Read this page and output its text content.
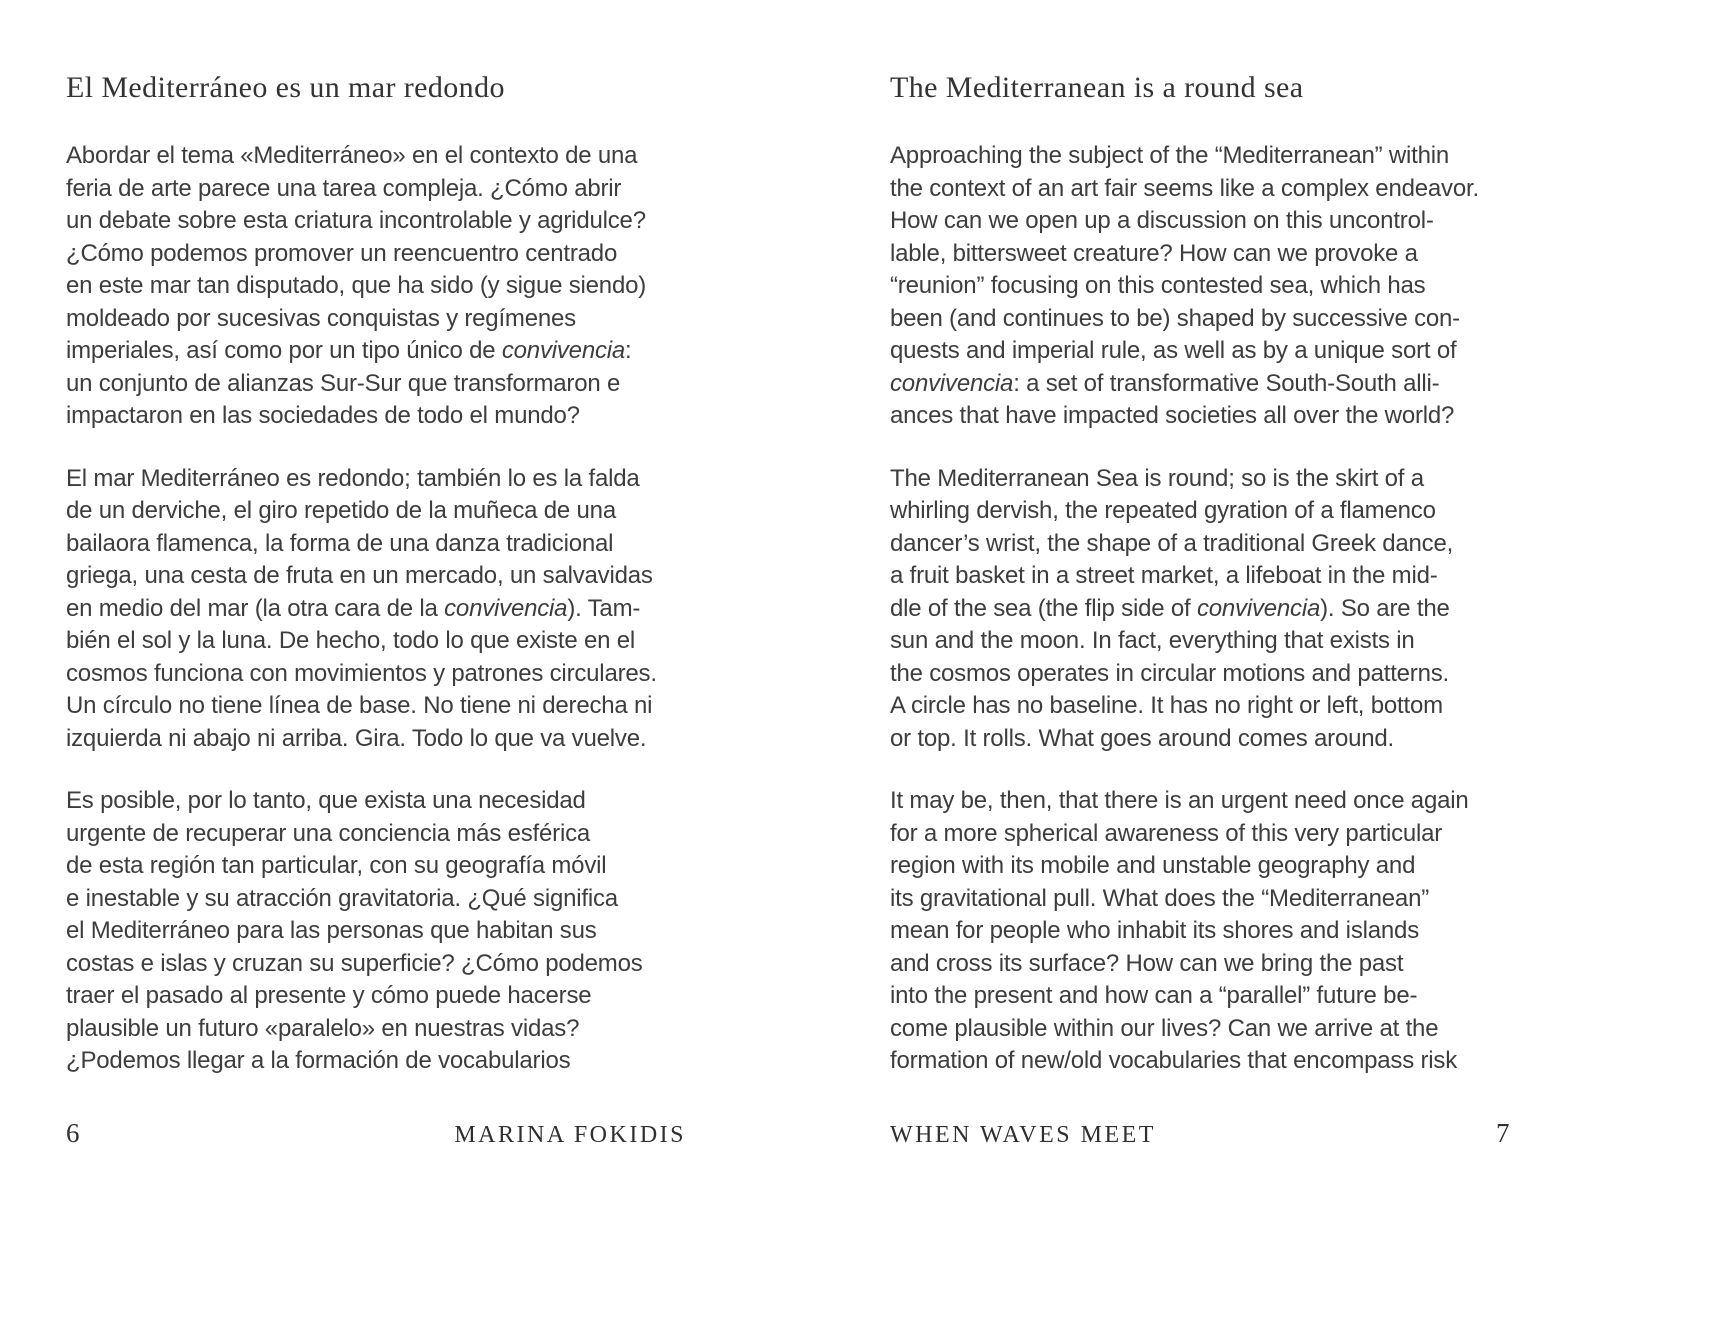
El Mediterráneo es un mar redondo
Abordar el tema «Mediterráneo» en el contexto de una
feria de arte parece una tarea compleja. ¿Cómo abrir
un debate sobre esta criatura incontrolable y agridulce?
¿Cómo podemos promover un reencuentro centrado
en este mar tan disputado, que ha sido (y sigue siendo)
moldeado por sucesivas conquistas y regímenes
imperiales, así como por un tipo único de convivencia:
un conjunto de alianzas Sur-Sur que transformaron e
impactaron en las sociedades de todo el mundo?
El mar Mediterráneo es redondo; también lo es la falda
de un derviche, el giro repetido de la muñeca de una
bailaora flamenca, la forma de una danza tradicional
griega, una cesta de fruta en un mercado, un salvavidas
en medio del mar (la otra cara de la convivencia). Tam-
bién el sol y la luna. De hecho, todo lo que existe en el
cosmos funciona con movimientos y patrones circulares.
Un círculo no tiene línea de base. No tiene ni derecha ni
izquierda ni abajo ni arriba. Gira. Todo lo que va vuelve.
Es posible, por lo tanto, que exista una necesidad
urgente de recuperar una conciencia más esférica
de esta región tan particular, con su geografía móvil
e inestable y su atracción gravitatoria. ¿Qué significa
el Mediterráneo para las personas que habitan sus
costas e islas y cruzan su superficie? ¿Cómo podemos
traer el pasado al presente y cómo puede hacerse
plausible un futuro «paralelo» en nuestras vidas?
¿Podemos llegar a la formación de vocabularios
6	MARINA FOKIDIS
The Mediterranean is a round sea
Approaching the subject of the “Mediterranean” within
the context of an art fair seems like a complex endeavor.
How can we open up a discussion on this uncontrol-
lable, bittersweet creature? How can we provoke a
“reunion” focusing on this contested sea, which has
been (and continues to be) shaped by successive con-
quests and imperial rule, as well as by a unique sort of
convivencia: a set of transformative South-South alli-
ances that have impacted societies all over the world?
The Mediterranean Sea is round; so is the skirt of a
whirling dervish, the repeated gyration of a flamenco
dancer’s wrist, the shape of a traditional Greek dance,
a fruit basket in a street market, a lifeboat in the mid-
dle of the sea (the flip side of convivencia). So are the
sun and the moon. In fact, everything that exists in
the cosmos operates in circular motions and patterns.
A circle has no baseline. It has no right or left, bottom
or top. It rolls. What goes around comes around.
It may be, then, that there is an urgent need once again
for a more spherical awareness of this very particular
region with its mobile and unstable geography and
its gravitational pull. What does the “Mediterranean”
mean for people who inhabit its shores and islands
and cross its surface? How can we bring the past
into the present and how can a “parallel” future be-
come plausible within our lives? Can we arrive at the
formation of new/old vocabularies that encompass risk
WHEN WAVES MEET	7
